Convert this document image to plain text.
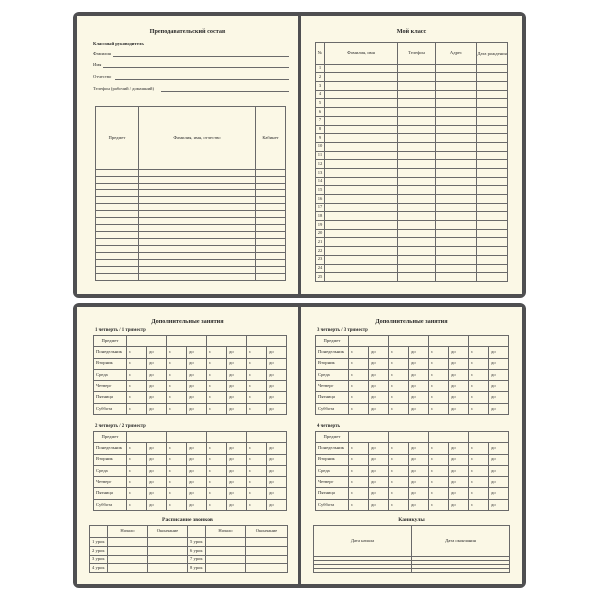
Преподавательский состав
Классный руководитель
Фамилия
Имя
Отчество
Телефон (рабочий / домашний)
Предмет	Фамилия, имя, отчество	Кабинет

Мой класс
№	Фамилия, имя	Телефон	Адрес	Дата рождения
1				
2				
3				
4				
5				
6				
7				
8				
9				
10				
11				
12				
13				
14				
15				
16				
17				
18				
19				
20				
21				
22				
23				
24				
25				
Дополнительные занятия
1 четверть / 1 триместр
Предмет								
Понедельник	с	до	с	до	с	до	с	до
Вторник	с	до	с	до	с	до	с	до
Среда	с	до	с	до	с	до	с	до
Четверг	с	до	с	до	с	до	с	до
Пятница	с	до	с	до	с	до	с	до
Суббота	с	до	с	до	с	до	с	до
2 четверть / 2 триместр
Предмет								
Понедельник	с	до	с	до	с	до	с	до
Вторник	с	до	с	до	с	до	с	до
Среда	с	до	с	до	с	до	с	до
Четверг	с	до	с	до	с	до	с	до
Пятница	с	до	с	до	с	до	с	до
Суббота	с	до	с	до	с	до	с	до
Расписание звонков
	Начало	Окончание		Начало	Окончание
1 урок			5 урок		
2 урок			6 урок		
3 урок			7 урок		
4 урок			8 урок		
Дополнительные занятия
3 четверть / 3 триместр
Предмет								
Понедельник	с	до	с	до	с	до	с	до
Вторник	с	до	с	до	с	до	с	до
Среда	с	до	с	до	с	до	с	до
Четверг	с	до	с	до	с	до	с	до
Пятница	с	до	с	до	с	до	с	до
Суббота	с	до	с	до	с	до	с	до
4 четверть
Предмет								
Понедельник	с	до	с	до	с	до	с	до
Вторник	с	до	с	до	с	до	с	до
Среда	с	до	с	до	с	до	с	до
Четверг	с	до	с	до	с	до	с	до
Пятница	с	до	с	до	с	до	с	до
Суббота	с	до	с	до	с	до	с	до
Каникулы
Дата начала	Дата окончания
